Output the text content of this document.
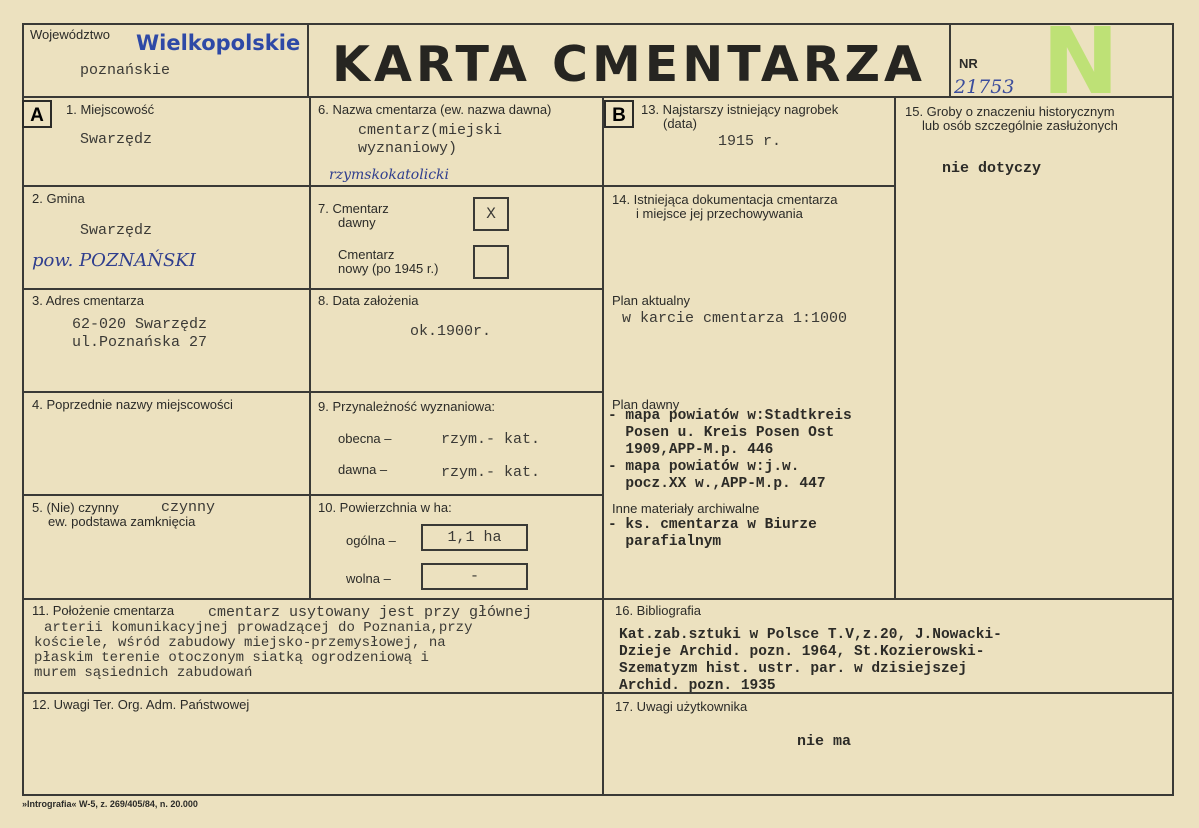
Województwo Wielkopolskie
poznańskie	KARTA CMENTARZA	NR
21753 N
A	B
1. Miejscowość
Swarzędz
2. Gmina
Swarzędz
pow. POZNAŃSKI
3. Adres cmentarza
62-020 Swarzędz
ul.Poznańska 27
4. Poprzednie nazwy miejscowości
5. (Nie) czynny
ew. podstawa zamknięcia
czynny
6. Nazwa cmentarza (ew. nazwa dawna)
cmentarz(miejski
wyznaniowy)
rzymskokatolicki
7. Cmentarz
dawny	X
Cmentarz
nowy (po 1945 r.)
8. Data założenia
ok.1900r.
9. Przynależność wyznaniowa:
obecna –	rzym.- kat.
dawna –	rzym.- kat.
10. Powierzchnia w ha:
ogólna –	1,1 ha
wolna –	-
11. Położenie cmentarza cmentarz usytowany jest przy głównej
arterii komunikacyjnej prowadzącej do Poznania,przy
kościele, wśród zabudowy miejsko-przemysłowej, na
płaskim terenie otoczonym siatką ogrodzeniową i
murem sąsiednich zabudowań
12. Uwagi Ter. Org. Adm. Państwowej
13. Najstarszy istniejący nagrobek
(data)
1915 r.
14. Istniejąca dokumentacja cmentarza
i miejsce jej przechowywania
Plan aktualny
w karcie cmentarza 1:1000
Plan dawny
- mapa powiatów w:Stadtkreis
Posen u. Kreis Posen Ost
1909,APP-M.p. 446
- mapa powiatów w:j.w.
pocz.XX w.,APP-M.p. 447
Inne materiały archiwalne
- ks. cmentarza w Biurze
parafialnym
15. Groby o znaczeniu historycznym
lub osób szczególnie zasłużonych
nie dotyczy
16. Bibliografia
Kat.zab.sztuki w Polsce T.V,z.20, J.Nowacki-
Dzieje Archid. pozn. 1964, St.Kozierowski-
Szematyzm hist. ustr. par. w dzisiejszej
Archid. pozn. 1935
17. Uwagi użytkownika
nie ma
»Intrografia« W-5, z. 269/405/84, n. 20.000
